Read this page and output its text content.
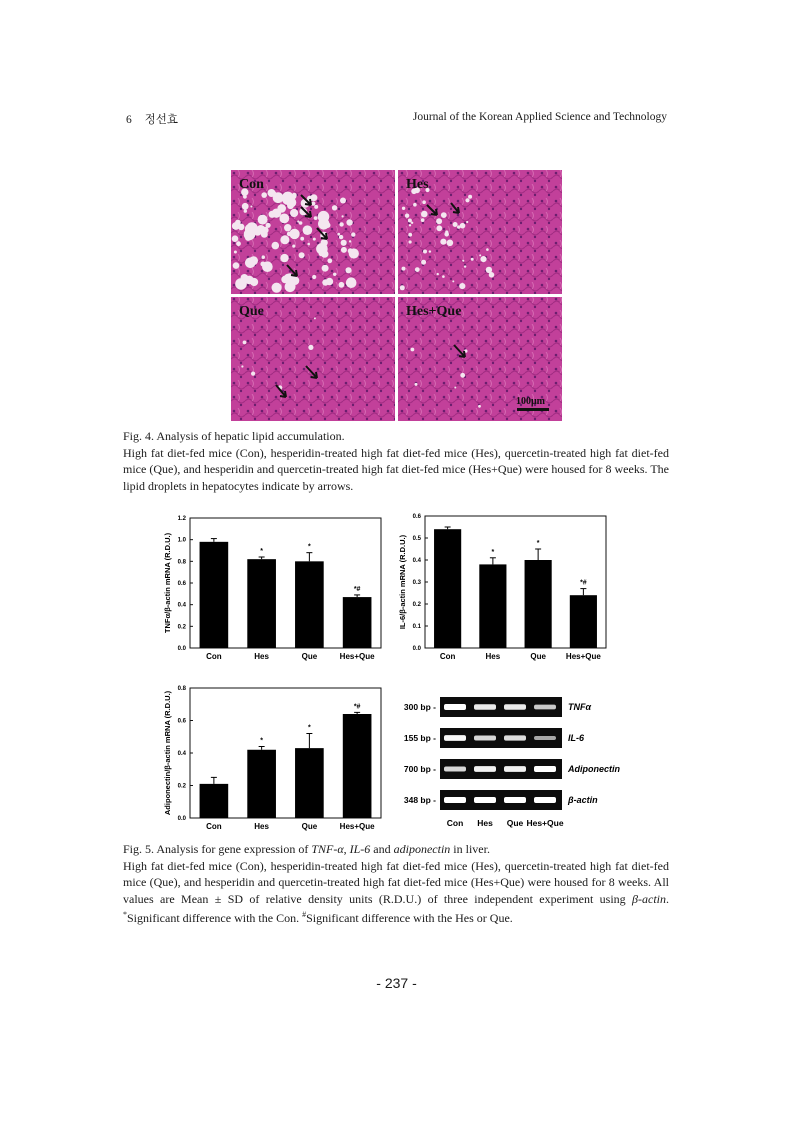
6 정선효	Journal of the Korean Applied Science and Technology
Con	Hes
Que	Hes+Que
100μm

Fig. 4. Analysis of hepatic lipid accumulation.

High fat diet-fed mice (Con), hesperidin-treated high fat diet-fed mice (Hes), quercetin-treated high fat diet-fed mice (Que), and hesperidin and quercetin-treated high fat diet-fed mice (Hes+Que) were housed for 8 weeks. The lipid droplets in hepatocytes indicate by arrows.

0.0
0.2
0.4
0.6
0.8
1.0
1.2
TNFα/β-actin mRNA (R.D.U.)
Con
*
Hes
*
Que
*#
Hes+Que
0.0
0.1
0.2
0.3
0.4
0.5
0.6
IL-6/β-actin mRNA (R.D.U.)
Con
*
Hes
*
Que
*#
Hes+Que
0.0
0.2
0.4
0.6
0.8
Adiponectin/β-actin mRNA (R.D.U.)
Con
*
Hes
*
Que
*#
Hes+Que
300 bp -	TNFα
155 bp -	IL-6
700 bp -	Adiponectin
348 bp -	β-actin
Con Hes Que Hes+Que

Fig. 5. Analysis for gene expression of TNF-α, IL-6 and adiponectin in liver.

High fat diet-fed mice (Con), hesperidin-treated high fat diet-fed mice (Hes), quercetin-treated high fat diet-fed mice (Que), and hesperidin and quercetin-treated high fat diet-fed mice (Hes+Que) were housed for 8 weeks. All values are Mean ± SD of relative density units (R.D.U.) of three independent experiment using β-actin. *Significant difference with the Con. #Significant difference with the Hes or Que.

- 237 -
